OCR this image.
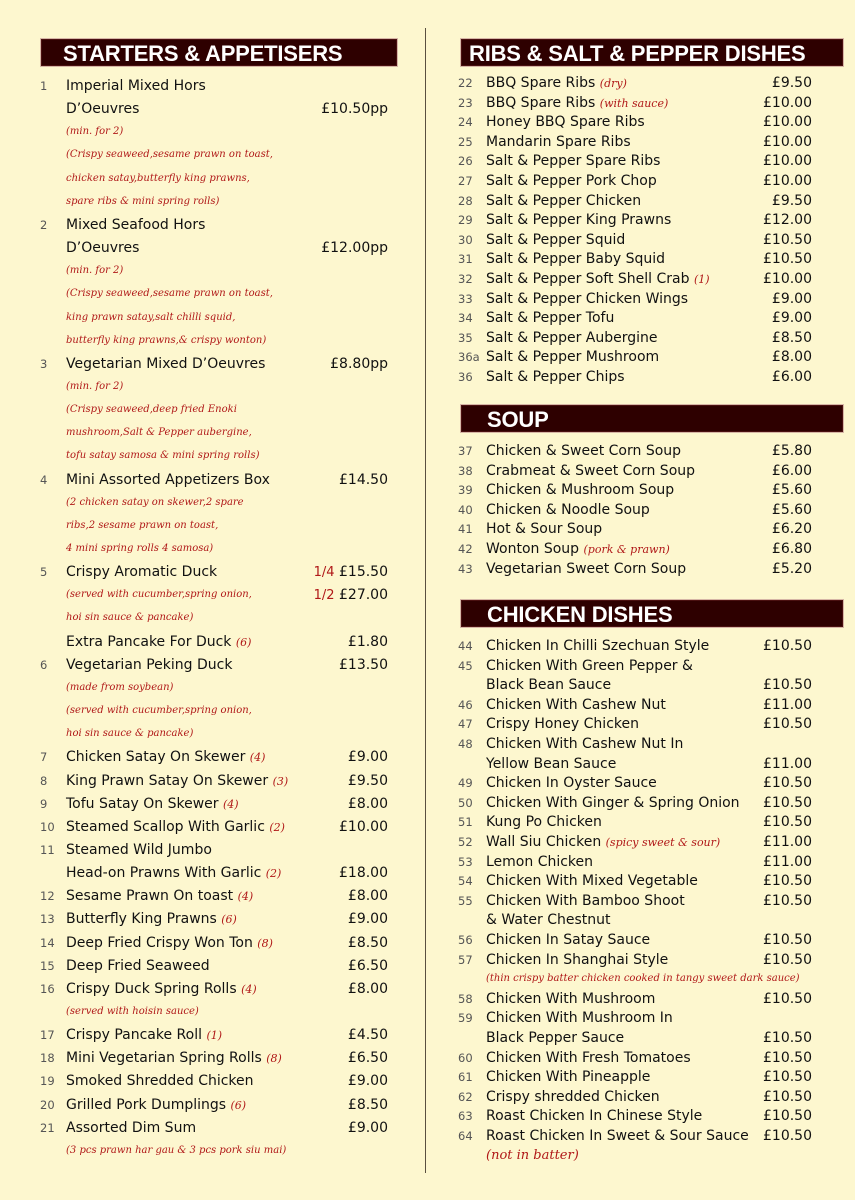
STARTERS & APPETISERS
1 Imperial Mixed Hors
D’Oeuvres	£10.50pp
(min. for 2)
(Crispy seaweed,sesame prawn on toast,
chicken satay,butterfly king prawns,
spare ribs & mini spring rolls)
2 Mixed Seafood Hors
D’Oeuvres	£12.00pp
(min. for 2)
(Crispy seaweed,sesame prawn on toast,
king prawn satay,salt chilli squid,
butterfly king prawns,& crispy wonton)
3 Vegetarian Mixed D’Oeuvres	£8.80pp
(min. for 2)
(Crispy seaweed,deep fried Enoki
mushroom,Salt & Pepper aubergine,
tofu satay samosa & mini spring rolls)
4 Mini Assorted Appetizers Box	£14.50
(2 chicken satay on skewer,2 spare
ribs,2 sesame prawn on toast,
4 mini spring rolls 4 samosa)
5 Crispy Aromatic Duck	1/4 £15.50
(served with cucumber,spring onion,	1/2 £27.00
hoi sin sauce & pancake)
Extra Pancake For Duck (6)	£1.80
6 Vegetarian Peking Duck	£13.50
(made from soybean)
(served with cucumber,spring onion,
hoi sin sauce & pancake)
7 Chicken Satay On Skewer (4)	£9.00
8 King Prawn Satay On Skewer (3)	£9.50
9 Tofu Satay On Skewer (4)	£8.00
10 Steamed Scallop With Garlic (2)	£10.00
11 Steamed Wild Jumbo
Head-on Prawns With Garlic (2)	£18.00
12 Sesame Prawn On toast (4)	£8.00
13 Butterfly King Prawns (6)	£9.00
14 Deep Fried Crispy Won Ton (8)	£8.50
15 Deep Fried Seaweed	£6.50
16 Crispy Duck Spring Rolls (4)	£8.00
(served with hoisin sauce)
17 Crispy Pancake Roll (1)	£4.50
18 Mini Vegetarian Spring Rolls (8)	£6.50
19 Smoked Shredded Chicken	£9.00
20 Grilled Pork Dumplings (6)	£8.50
21 Assorted Dim Sum	£9.00
(3 pcs prawn har gau & 3 pcs pork siu mai)
RIBS & SALT & PEPPER DISHES
22 BBQ Spare Ribs (dry)	£9.50
23 BBQ Spare Ribs (with sauce)	£10.00
24 Honey BBQ Spare Ribs	£10.00
25 Mandarin Spare Ribs	£10.00
26 Salt & Pepper Spare Ribs	£10.00
27 Salt & Pepper Pork Chop	£10.00
28 Salt & Pepper Chicken	£9.50
29 Salt & Pepper King Prawns	£12.00
30 Salt & Pepper Squid	£10.50
31 Salt & Pepper Baby Squid	£10.50
32 Salt & Pepper Soft Shell Crab (1)	£10.00
33 Salt & Pepper Chicken Wings	£9.00
34 Salt & Pepper Tofu	£9.00
35 Salt & Pepper Aubergine	£8.50
36a Salt & Pepper Mushroom	£8.00
36 Salt & Pepper Chips	£6.00
SOUP
37 Chicken & Sweet Corn Soup	£5.80
38 Crabmeat & Sweet Corn Soup	£6.00
39 Chicken & Mushroom Soup	£5.60
40 Chicken & Noodle Soup	£5.60
41 Hot & Sour Soup	£6.20
42 Wonton Soup (pork & prawn)	£6.80
43 Vegetarian Sweet Corn Soup	£5.20
CHICKEN DISHES
44 Chicken In Chilli Szechuan Style	£10.50
45 Chicken With Green Pepper &
Black Bean Sauce	£10.50
46 Chicken With Cashew Nut	£11.00
47 Crispy Honey Chicken	£10.50
48 Chicken With Cashew Nut In
Yellow Bean Sauce	£11.00
49 Chicken In Oyster Sauce	£10.50
50 Chicken With Ginger & Spring Onion £10.50
51 Kung Po Chicken	£10.50
52 Wall Siu Chicken (spicy sweet & sour)	£11.00
53 Lemon Chicken	£11.00
54 Chicken With Mixed Vegetable	£10.50
55 Chicken With Bamboo Shoot	£10.50
& Water Chestnut
56 Chicken In Satay Sauce	£10.50
57 Chicken In Shanghai Style	£10.50
(thin crispy batter chicken cooked in tangy sweet dark sauce)
58 Chicken With Mushroom	£10.50
59 Chicken With Mushroom In
Black Pepper Sauce	£10.50
60 Chicken With Fresh Tomatoes	£10.50
61 Chicken With Pineapple	£10.50
62 Crispy shredded Chicken	£10.50
63 Roast Chicken In Chinese Style	£10.50
64 Roast Chicken In Sweet & Sour Sauce £10.50
(not in batter)
